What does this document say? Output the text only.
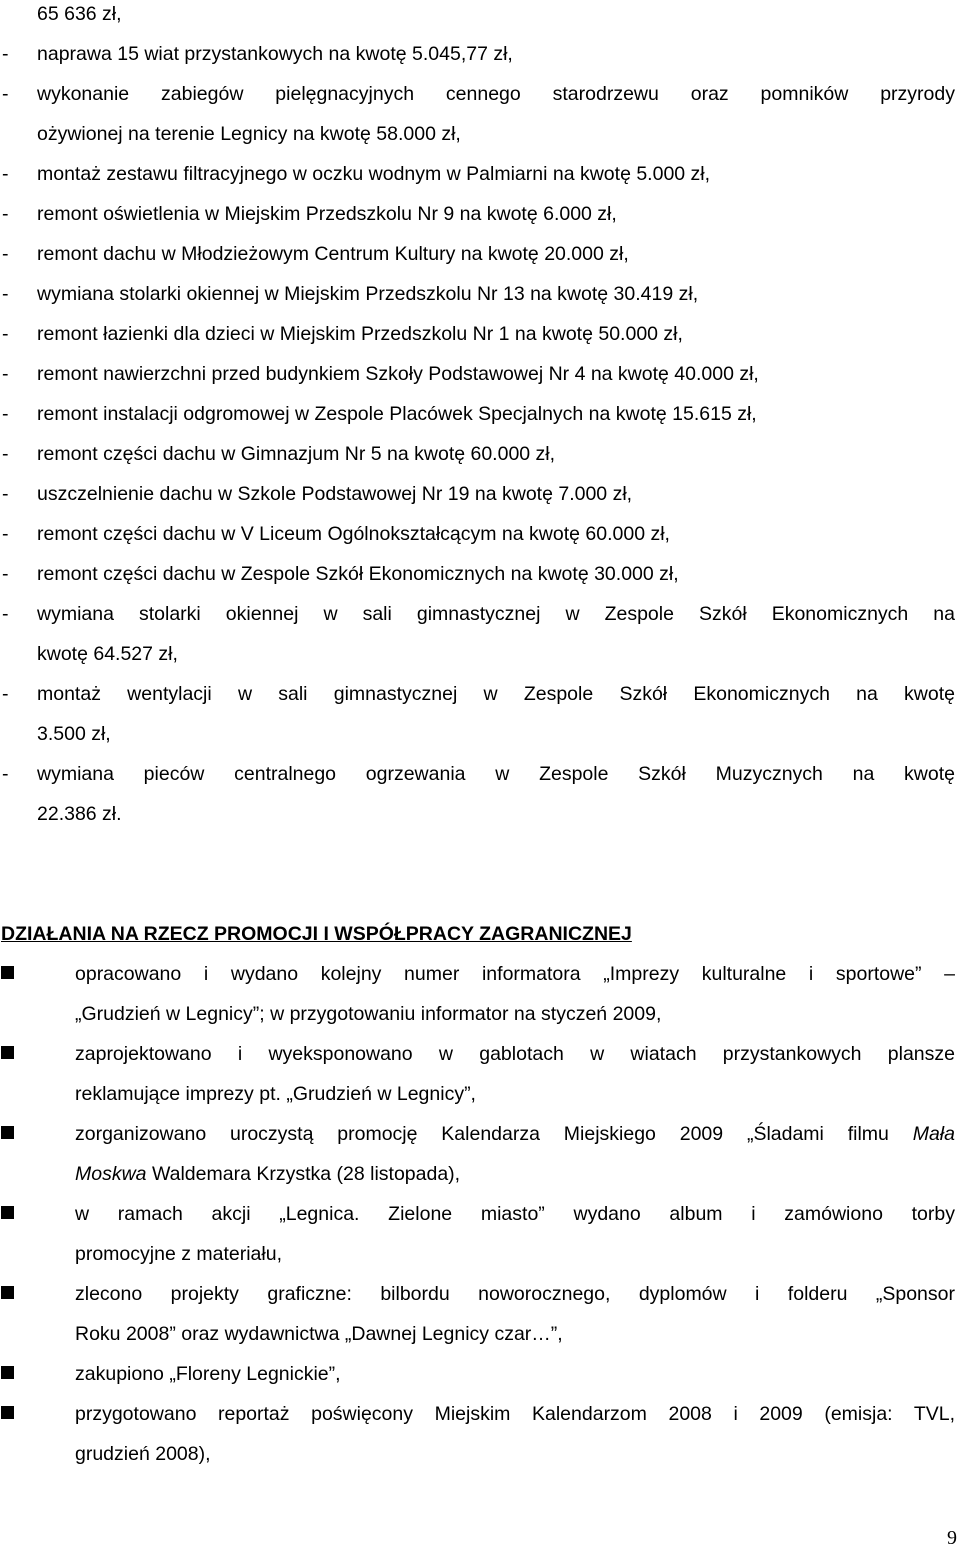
65 636 zł,
- naprawa 15 wiat przystankowych na kwotę 5.045,77 zł,
- wykonanie zabiegów pielęgnacyjnych cennego starodrzewu oraz pomników przyrody
ożywionej na terenie Legnicy na kwotę 58.000 zł,
- montaż zestawu filtracyjnego w oczku wodnym w Palmiarni na kwotę 5.000 zł,
- remont oświetlenia w Miejskim Przedszkolu Nr 9 na kwotę 6.000 zł,
- remont dachu w Młodzieżowym Centrum Kultury na kwotę 20.000 zł,
- wymiana stolarki okiennej w Miejskim Przedszkolu Nr 13 na kwotę 30.419 zł,
- remont łazienki dla dzieci w Miejskim Przedszkolu Nr 1 na kwotę 50.000 zł,
- remont nawierzchni przed budynkiem Szkoły Podstawowej Nr 4 na kwotę 40.000 zł,
- remont instalacji odgromowej w Zespole Placówek Specjalnych na kwotę 15.615 zł,
- remont części dachu w Gimnazjum Nr 5 na kwotę 60.000 zł,
- uszczelnienie dachu w Szkole Podstawowej Nr 19 na kwotę 7.000 zł,
- remont części dachu w V Liceum Ogólnokształcącym na kwotę 60.000 zł,
- remont części dachu w Zespole Szkół Ekonomicznych na kwotę 30.000 zł,
- wymiana stolarki okiennej w sali gimnastycznej w Zespole Szkół Ekonomicznych na
kwotę 64.527 zł,
- montaż wentylacji w sali gimnastycznej w Zespole Szkół Ekonomicznych na kwotę
3.500 zł,
- wymiana pieców centralnego ogrzewania w Zespole Szkół Muzycznych na kwotę
22.386 zł.
DZIAŁANIA NA RZECZ PROMOCJI I WSPÓŁPRACY ZAGRANICZNEJ
opracowano i wydano kolejny numer informatora „Imprezy kulturalne i sportowe” –
„Grudzień w Legnicy”; w przygotowaniu informator na styczeń 2009,
zaprojektowano i wyeksponowano w gablotach w wiatach przystankowych plansze
reklamujące imprezy pt. „Grudzień w Legnicy”,
zorganizowano uroczystą promocję Kalendarza Miejskiego 2009 „Śladami filmu Mała
Moskwa Waldemara Krzystka (28 listopada),
w ramach akcji „Legnica. Zielone miasto” wydano album i zamówiono torby
promocyjne z materiału,
zlecono projekty graficzne: bilbordu noworocznego, dyplomów i folderu „Sponsor
Roku 2008” oraz wydawnictwa „Dawnej Legnicy czar…”,
zakupiono „Floreny Legnickie”,
przygotowano reportaż poświęcony Miejskim Kalendarzom 2008 i 2009 (emisja: TVL,
grudzień 2008),
9
